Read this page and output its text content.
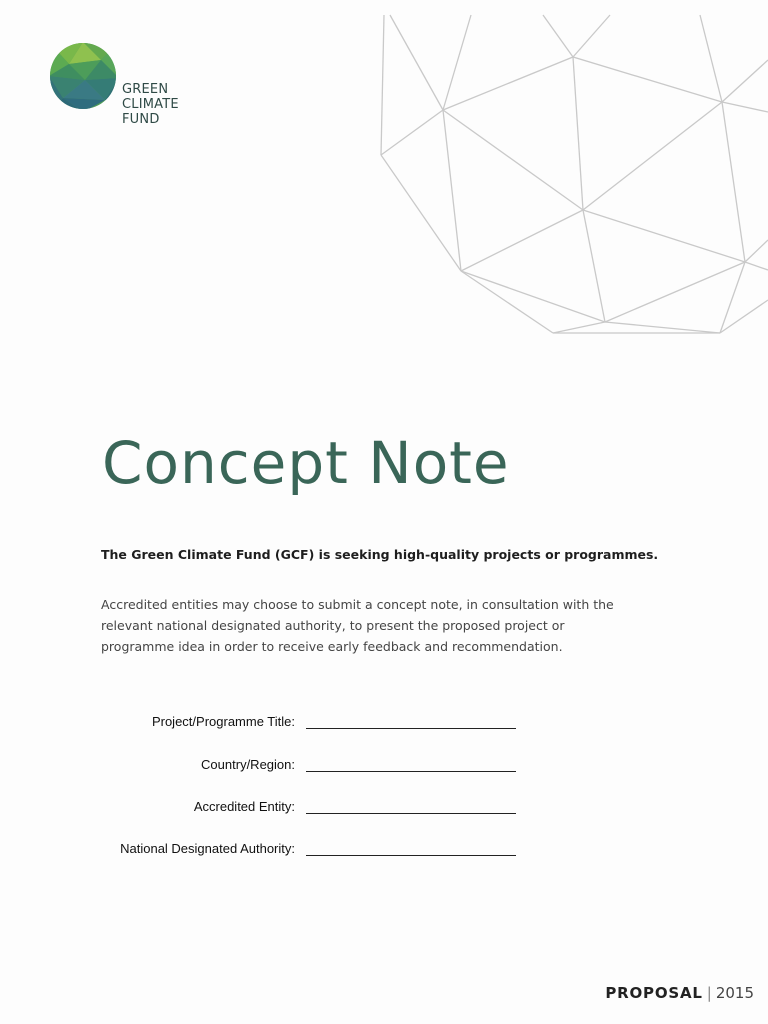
GREEN
CLIMATE
FUND
Concept Note
The Green Climate Fund (GCF) is seeking high-quality projects or programmes.
Accredited entities may choose to submit a concept note, in consultation with the relevant national designated authority, to present the proposed project or programme idea in order to receive early feedback and recommendation.
Project/Programme Title:
Country/Region:
Accredited Entity:
National Designated Authority:
PROPOSAL | 2015
